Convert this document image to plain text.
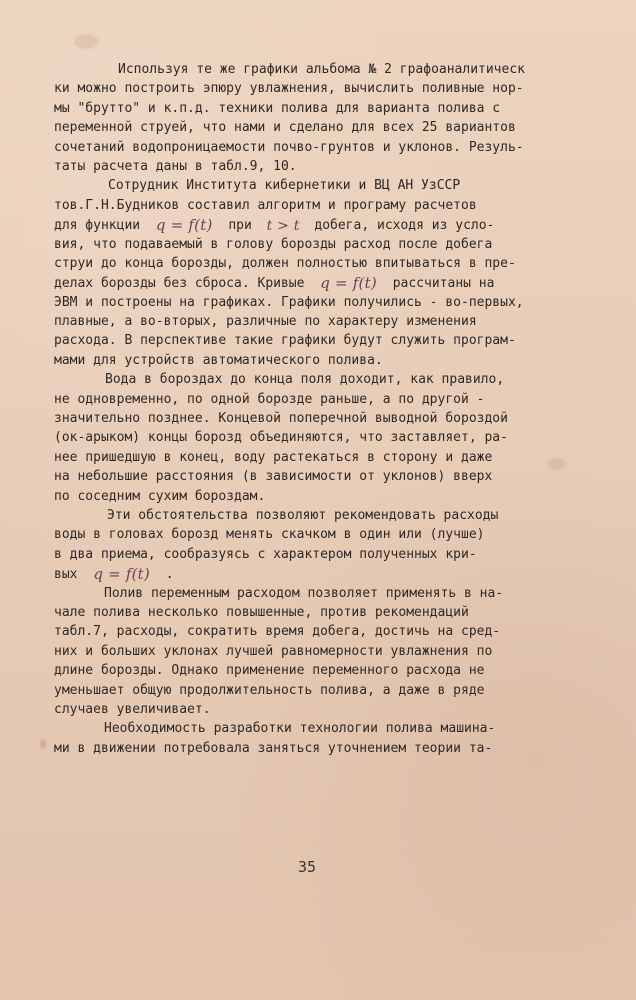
Используя те же графики альбома № 2 графоаналитическ
ки можно построить эпюру увлажнения, вычислить поливные нор-
мы "брутто" и к.п.д. техники полива для варианта полива с
переменной струей, что нами и сделано для всех 25 вариантов
сочетаний водопроницаемости почво-грунтов и уклонов. Резуль-
таты расчета даны в табл.9, 10.
Сотрудник Института кибернетики и ВЦ АН УзССР
тов.Г.Н.Будников составил алгоритм и програму расчетов
для функции q = f(t) при t > t добега, исходя из усло-
вия, что подаваемый в голову борозды расход после добега
струи до конца борозды, должен полностью впитываться в пре-
делах борозды без сброса. Кривые q = f(t) рассчитаны на
ЭВМ и построены на графиках. Графики получились - во-первых,
плавные, а во-вторых, различные по характеру изменения
расхода. В перспективе такие графики будут служить програм-
мами для устройств автоматического полива.
Вода в бороздах до конца поля доходит, как правило,
не одновременно, по одной борозде раньше, а по другой -
значительно позднее. Концевой поперечной выводной бороздой
(ок-арыком) концы борозд объединяются, что заставляет, ра-
нее пришедшую в конец, воду растекаться в сторону и даже
на небольшие расстояния (в зависимости от уклонов) вверх
по соседним сухим бороздам.
Эти обстоятельства позволяют рекомендовать расходы
воды в головах борозд менять скачком в один или (лучше)
в два приема, сообразуясь с характером полученных кри-
вых q = f(t) .
Полив переменным расходом позволяет применять в на-
чале полива несколько повышенные, против рекомендаций
табл.7, расходы, сократить время добега, достичь на сред-
них и больших уклонах лучшей равномерности увлажнения по
длине борозды. Однако применение переменного расхода не
уменьшает общую продолжительность полива, а даже в ряде
случаев увеличивает.
Необходимость разработки технологии полива машина-
ми в движении потребовала заняться уточнением теории та-
35
